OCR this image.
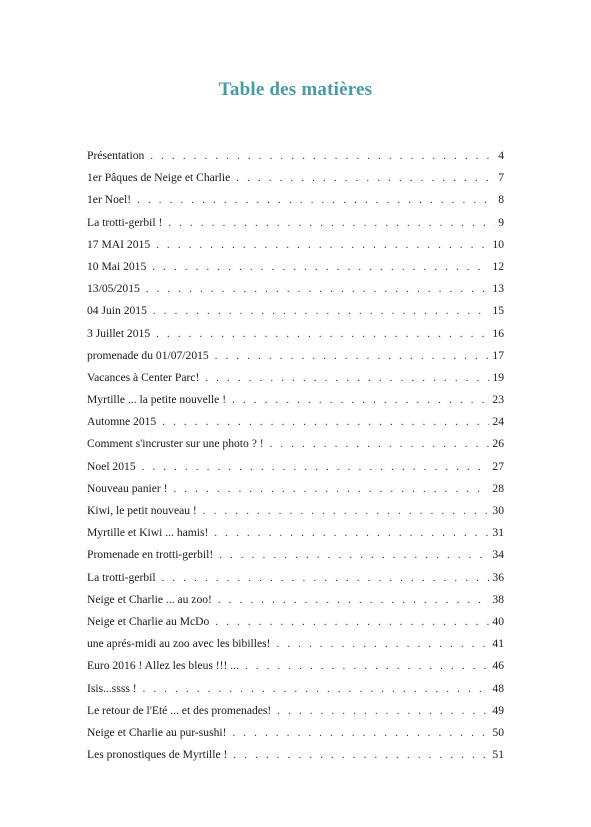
Table des matières
Présentation . . .	4
1er Pâques de Neige et Charlie . . .	7
1er Noel! . . .	8
La trotti-gerbil ! . . .	9
17 MAI 2015 . . .	10
10 Mai 2015 . . .	12
13/05/2015 . . .	13
04 Juin 2015 . . .	15
3 Juillet 2015 . . .	16
promenade du 01/07/2015 . . .	17
Vacances à Center Parc! . . .	19
Myrtille ... la petite nouvelle ! . . .	23
Automne 2015 . . .	24
Comment s'incruster sur une photo ? ! . . .	26
Noel 2015 . . .	27
Nouveau panier ! . . .	28
Kiwi, le petit nouveau ! . . .	30
Myrtille et Kiwi ... hamis! . . .	31
Promenade en trotti-gerbil! . . .	34
La trotti-gerbil . . .	36
Neige et Charlie ... au zoo! . . .	38
Neige et Charlie au McDo . . .	40
une aprés-midi au zoo avec les bibilles! . . .	41
Euro 2016 ! Allez les bleus !!! ... . . .	46
Isis...ssss ! . . .	48
Le retour de l'Eté ... et des promenades! . . .	49
Neige et Charlie au pur-sushi! . . .	50
Les pronostiques de Myrtille ! . . .	51
